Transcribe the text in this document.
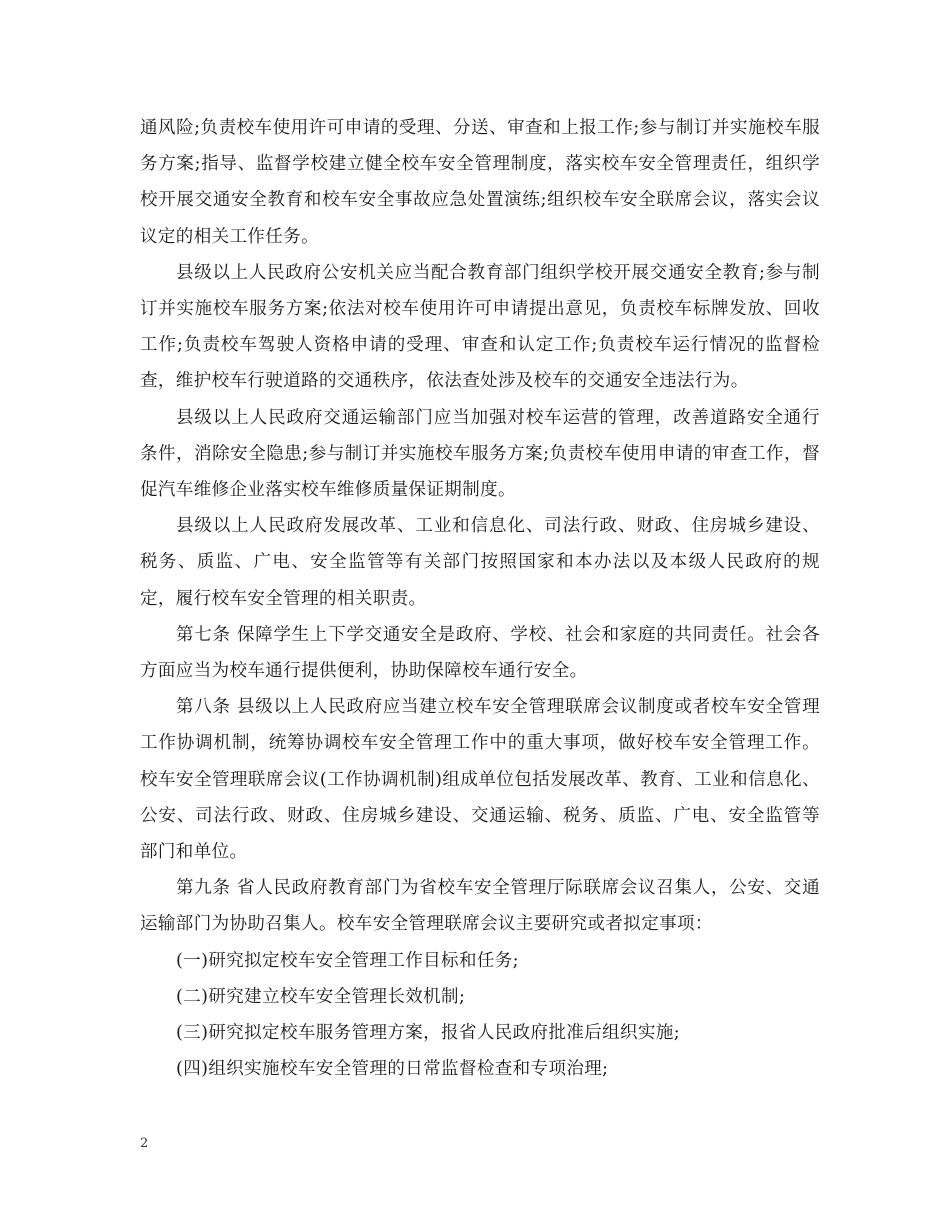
通风险;负责校车使用许可申请的受理、分送、审查和上报工作;参与制订并实施校车服务方案;指导、监督学校建立健全校车安全管理制度，落实校车安全管理责任，组织学校开展交通安全教育和校车安全事故应急处置演练;组织校车安全联席会议，落实会议议定的相关工作任务。

县级以上人民政府公安机关应当配合教育部门组织学校开展交通安全教育;参与制订并实施校车服务方案;依法对校车使用许可申请提出意见，负责校车标牌发放、回收工作;负责校车驾驶人资格申请的受理、审查和认定工作;负责校车运行情况的监督检查，维护校车行驶道路的交通秩序，依法查处涉及校车的交通安全违法行为。

县级以上人民政府交通运输部门应当加强对校车运营的管理，改善道路安全通行条件，消除安全隐患;参与制订并实施校车服务方案;负责校车使用申请的审查工作，督促汽车维修企业落实校车维修质量保证期制度。

县级以上人民政府发展改革、工业和信息化、司法行政、财政、住房城乡建设、税务、质监、广电、安全监管等有关部门按照国家和本办法以及本级人民政府的规定，履行校车安全管理的相关职责。

第七条 保障学生上下学交通安全是政府、学校、社会和家庭的共同责任。社会各方面应当为校车通行提供便利，协助保障校车通行安全。

第八条 县级以上人民政府应当建立校车安全管理联席会议制度或者校车安全管理工作协调机制，统筹协调校车安全管理工作中的重大事项，做好校车安全管理工作。校车安全管理联席会议(工作协调机制)组成单位包括发展改革、教育、工业和信息化、公安、司法行政、财政、住房城乡建设、交通运输、税务、质监、广电、安全监管等部门和单位。

第九条 省人民政府教育部门为省校车安全管理厅际联席会议召集人，公安、交通运输部门为协助召集人。校车安全管理联席会议主要研究或者拟定事项：

(一)研究拟定校车安全管理工作目标和任务;

(二)研究建立校车安全管理长效机制;

(三)研究拟定校车服务管理方案，报省人民政府批准后组织实施;

(四)组织实施校车安全管理的日常监督检查和专项治理;

2
